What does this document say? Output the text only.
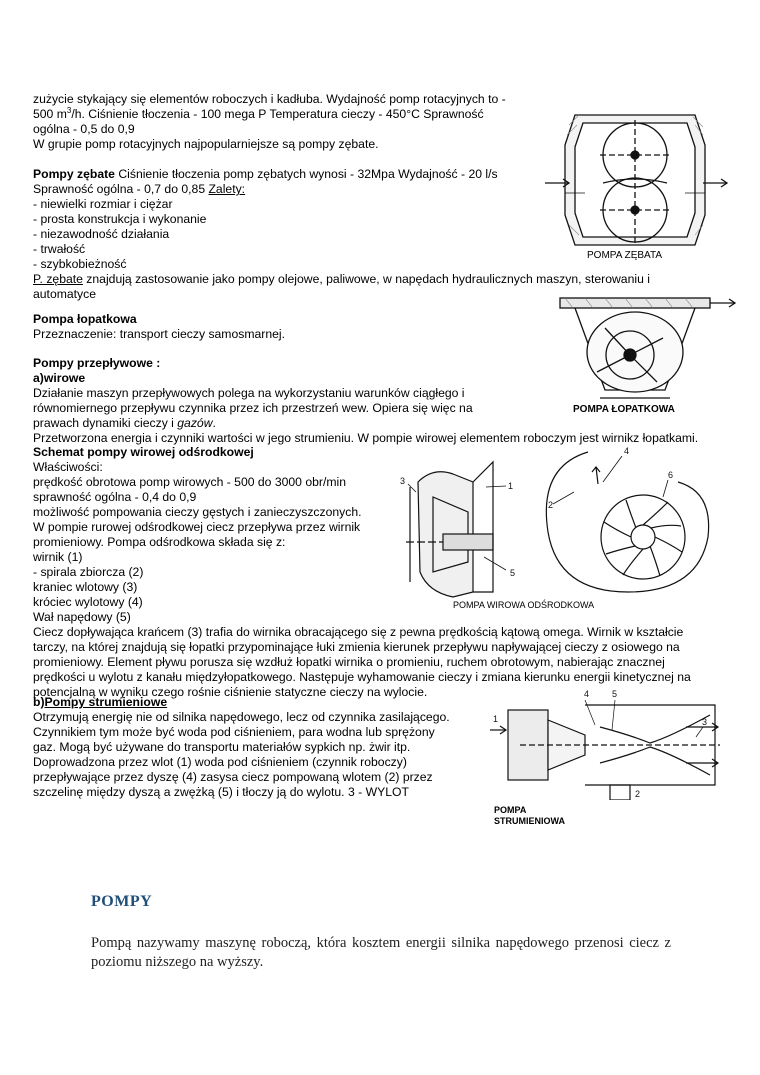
zużycie stykający się elementów roboczych i kadłuba. Wydajność pomp rotacyjnych to -
500 $m^3/h$. Ciśnienie tłoczenia - 100 mega P Temperatura cieczy - 450°C Sprawność
ogólna - 0,5 do 0,9
W grupie pomp rotacyjnych najpopularniejsze są pompy zębate.
Pompy zębate Ciśnienie tłoczenia pomp zębatych wynosi - 32Mpa Wydajność - 20 l/s
Sprawność ogólna - 0,7 do 0,85 Zalety:
- niewielki rozmiar i ciężar
- prosta konstrukcja i wykonanie
- niezawodność działania
- trwałość
- szybkobieżność
P. zębate znajdują zastosowanie jako pompy olejowe, paliwowe, w napędach hydraulicznych maszyn, sterowaniu i
automatyce
Pompa łopatkowa
Przeznaczenie: transport cieczy samosmarnej.
Pompy przepływowe :
a)wirowe
Działanie maszyn przepływowych polega na wykorzystaniu warunków ciągłego i
równomiernego przepływu czynnika przez ich przestrzeń wew. Opiera się więc na
prawach dynamiki cieczy i gazów.
Przetworzona energia i czynniki wartości w jego strumieniu. W pompie wirowej elementem roboczym jest wirnikz łopatkami.
Schemat pompy wirowej odśrodkowej
Właściwości:
prędkość obrotowa pomp wirowych - 500 do 3000 obr/min
sprawność ogólna - 0,4 do 0,9
możliwość pompowania cieczy gęstych i zanieczyszczonych.
W pompie rurowej odśrodkowej ciecz przepływa przez wirnik
promieniowy. Pompa odśrodkowa składa się z:
wirnik (1)
- spirala zbiorcza (2)
kraniec wlotowy (3)
króciec wylotowy (4)
Wał napędowy (5)
Ciecz dopływająca krańcem (3) trafia do wirnika obracającego się z pewna prędkością kątową omega. Wirnik w kształcie
tarczy, na której znajdują się łopatki przypominające łuki zmienia kierunek przepływu napływającej cieczy z osiowego na
promieniowy. Element pływu porusza się wzdłuż łopatki wirnika o promieniu, ruchem obrotowym, nabierając znacznej
prędkości u wylotu z kanału międzyłopatkowego. Następuje wyhamowanie cieczy i zmiana kierunku energii kinetycznej na
potencjalną w wyniku czego rośnie ciśnienie statyczne cieczy na wylocie.
b)Pompy strumieniowe
Otrzymują energię nie od silnika napędowego, lecz od czynnika zasilającego.
Czynnikiem tym może być woda pod ciśnieniem, para wodna lub sprężony
gaz. Mogą być używane do transportu materiałów sypkich np. żwir itp.
Doprowadzona przez wlot (1) woda pod ciśnieniem (czynnik roboczy)
przepływające przez dyszę (4) zasysa ciecz pompowaną wlotem (2) przez
szczelinę między dyszą a zwężką (5) i tłoczy ją do wylotu. 3 - WYLOT
POMPA ZĘBATA
POMPA ŁOPATKOWA
1
2
3
4
5
6
POMPA WIROWA ODŚRODKOWA
1
2
3
4	5
POMPA
STRUMIENIOWA
POMPY
Pompą nazywamy maszynę roboczą, która kosztem energii silnika napędowego przenosi ciecz z poziomu niższego na wyższy.
